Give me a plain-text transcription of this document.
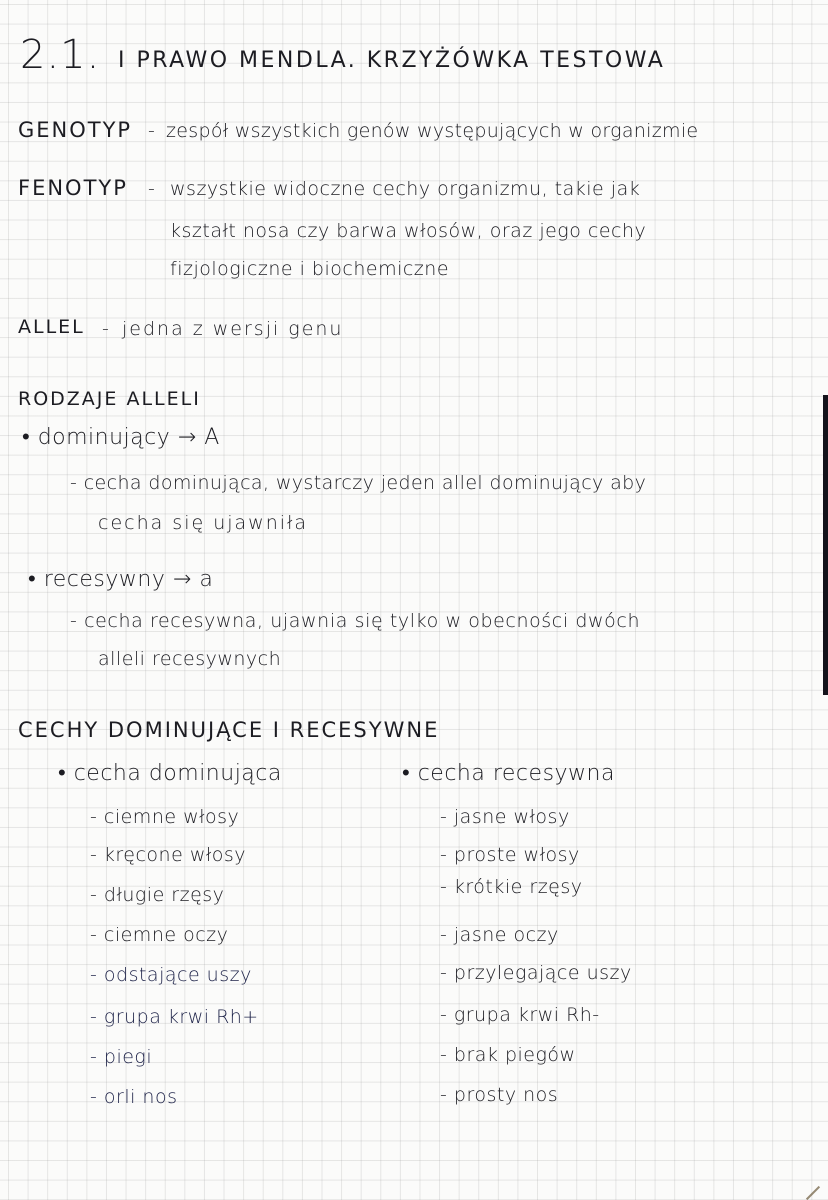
2.1. I PRAWO MENDLA. KRZYŻÓWKA TESTOWA
GENOTYP - zespół wszystkich genów występujących w organizmie
FENOTYP - wszystkie widoczne cechy organizmu, takie jak
kształt nosa czy barwa włosów, oraz jego cechy
fizjologiczne i biochemiczne
ALLEL - jedna z wersji genu
RODZAJE ALLELI
• dominujący → A
- cecha dominująca, wystarczy jeden allel dominujący aby
cecha się ujawniła
• recesywny → a
- cecha recesywna, ujawnia się tylko w obecności dwóch
alleli recesywnych
CECHY DOMINUJĄCE I RECESYWNE
• cecha dominująca	• cecha recesywna
- ciemne włosy
- kręcone włosy
- długie rzęsy
- ciemne oczy
- odstające uszy
- grupa krwi Rh+
- piegi
- orli nos
- jasne włosy
- proste włosy
- krótkie rzęsy
- jasne oczy
- przylegające uszy
- grupa krwi Rh-
- brak piegów
- prosty nos
